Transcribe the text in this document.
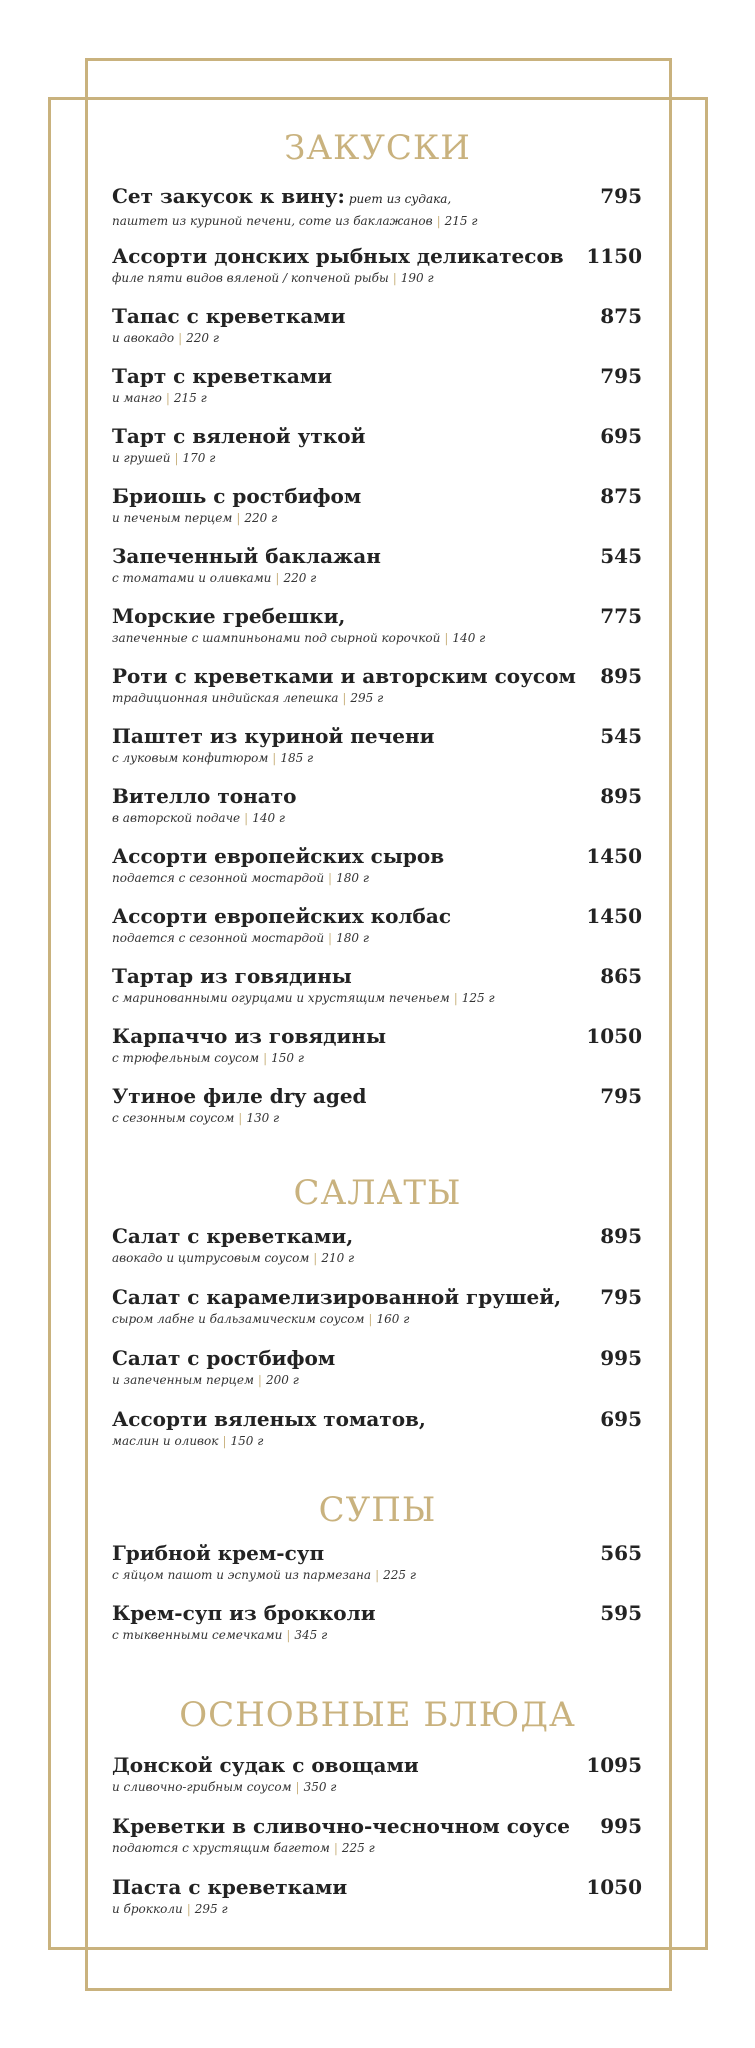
ЗАКУСКИ
Сет закусок к вину: риет из судака,
паштет из куриной печени, соте из баклажанов | 215 г
795
Ассорти донских рыбных деликатесов
филе пяти видов вяленой / копченой рыбы | 190 г
1150
Тапас с креветками
и авокадо | 220 г
875
Тарт с креветками
и манго | 215 г
795
Тарт с вяленой уткой
и грушей | 170 г
695
Бриошь с ростбифом
и печеным перцем | 220 г
875
Запеченный баклажан
с томатами и оливками | 220 г
545
Морские гребешки,
запеченные с шампиньонами под сырной корочкой | 140 г
775
Роти с креветками и авторским соусом
традиционная индийская лепешка | 295 г
895
Паштет из куриной печени
с луковым конфитюром | 185 г
545
Вителло тонато
в авторской подаче | 140 г
895
Ассорти европейских сыров
подается с сезонной мостардой | 180 г
1450
Ассорти европейских колбас
подается с сезонной мостардой | 180 г
1450
Тартар из говядины
с маринованными огурцами и хрустящим печеньем | 125 г
865
Карпаччо из говядины
с трюфельным соусом | 150 г
1050
Утиное филе dry aged
с сезонным соусом | 130 г
795
САЛАТЫ
Салат с креветками,
авокадо и цитрусовым соусом | 210 г
895
Салат с карамелизированной грушей,
сыром лабне и бальзамическим соусом | 160 г
795
Салат с ростбифом
и запеченным перцем | 200 г
995
Ассорти вяленых томатов,
маслин и оливок | 150 г
695
СУПЫ
Грибной крем-суп
с яйцом пашот и эспумой из пармезана | 225 г
565
Крем-суп из брокколи
с тыквенными семечками | 345 г
595
ОСНОВНЫЕ БЛЮДА
Донской судак с овощами
и сливочно-грибным соусом | 350 г
1095
Креветки в сливочно-чесночном соусе
подаются с хрустящим багетом | 225 г
995
Паста с креветками
и брокколи | 295 г
1050
